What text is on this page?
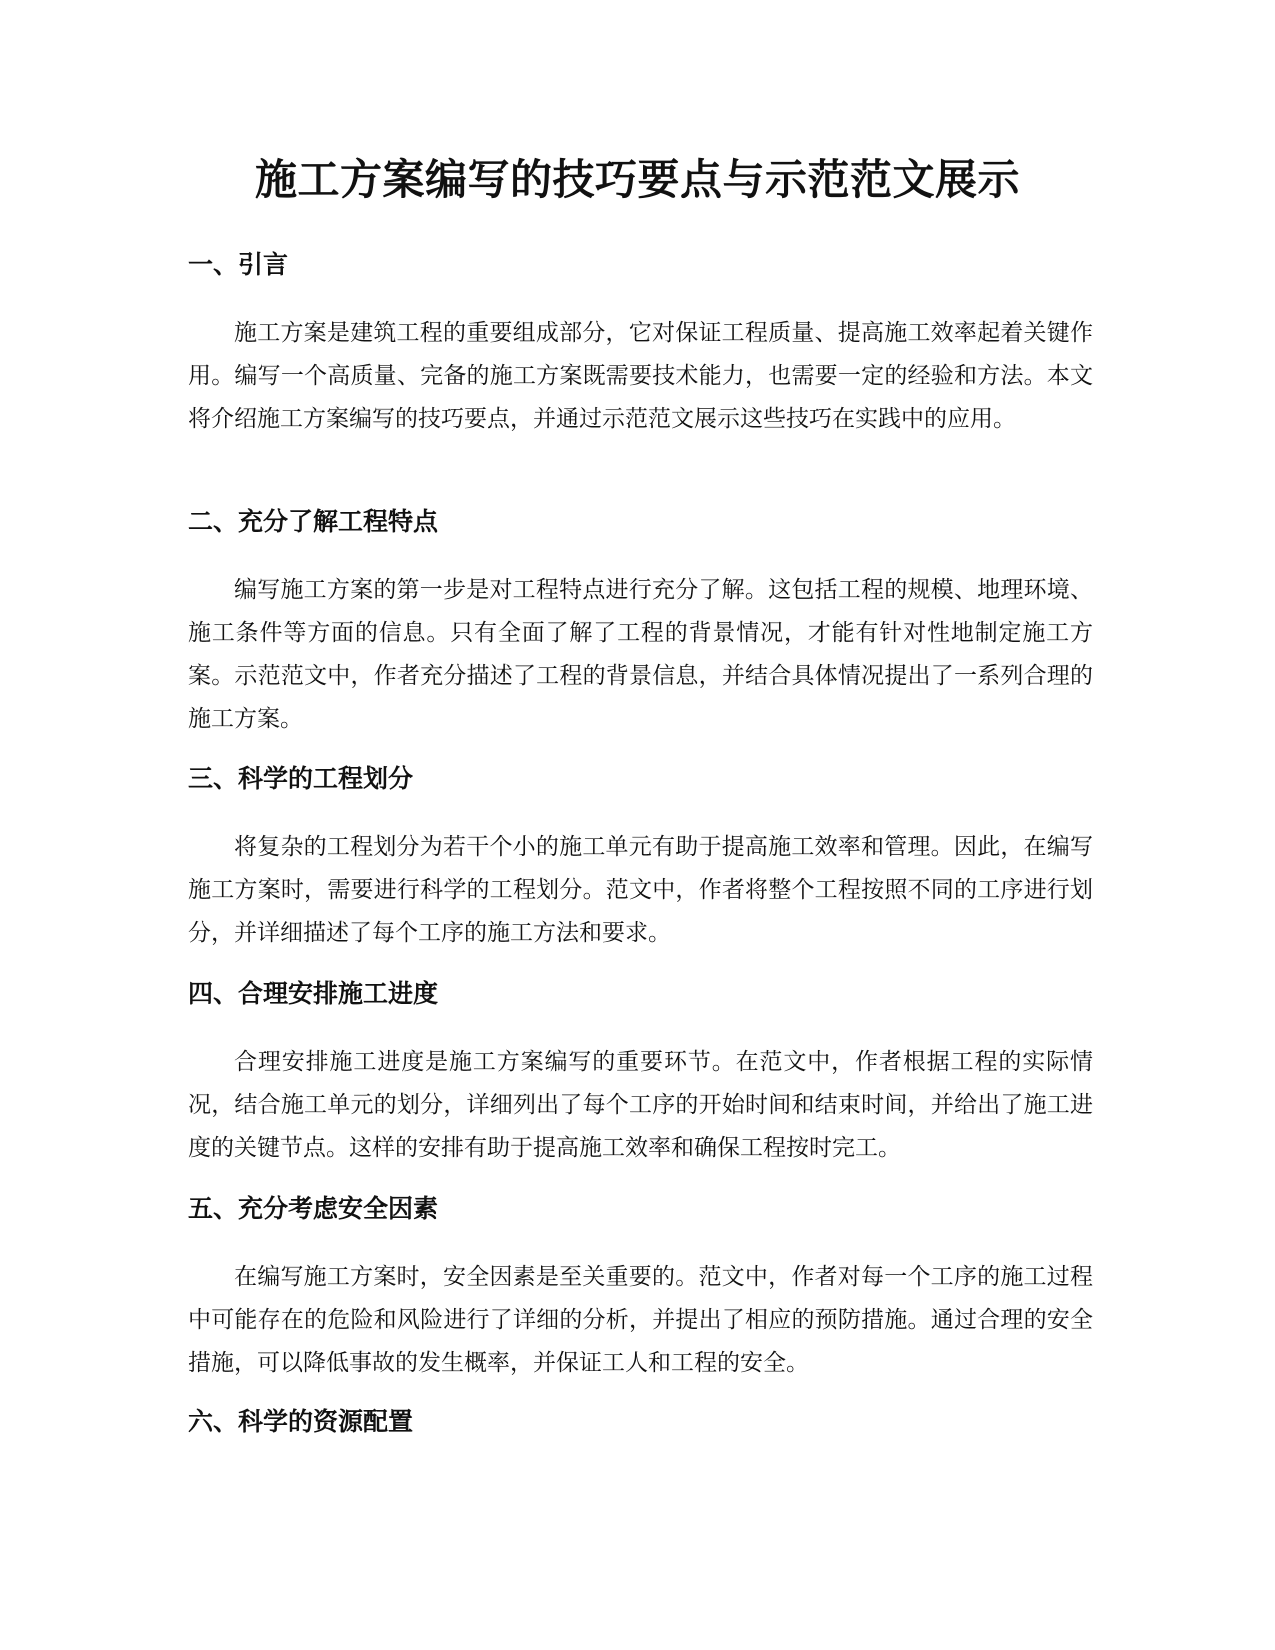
施工方案编写的技巧要点与示范范文展示
一、引言

施工方案是建筑工程的重要组成部分，它对保证工程质量、提高施工效率起着关键作用。编写一个高质量、完备的施工方案既需要技术能力，也需要一定的经验和方法。本文将介绍施工方案编写的技巧要点，并通过示范范文展示这些技巧在实践中的应用。

二、充分了解工程特点

编写施工方案的第一步是对工程特点进行充分了解。这包括工程的规模、地理环境、施工条件等方面的信息。只有全面了解了工程的背景情况，才能有针对性地制定施工方案。示范范文中，作者充分描述了工程的背景信息，并结合具体情况提出了一系列合理的施工方案。

三、科学的工程划分

将复杂的工程划分为若干个小的施工单元有助于提高施工效率和管理。因此，在编写施工方案时，需要进行科学的工程划分。范文中，作者将整个工程按照不同的工序进行划分，并详细描述了每个工序的施工方法和要求。

四、合理安排施工进度

合理安排施工进度是施工方案编写的重要环节。在范文中，作者根据工程的实际情况，结合施工单元的划分，详细列出了每个工序的开始时间和结束时间，并给出了施工进度的关键节点。这样的安排有助于提高施工效率和确保工程按时完工。

五、充分考虑安全因素

在编写施工方案时，安全因素是至关重要的。范文中，作者对每一个工序的施工过程中可能存在的危险和风险进行了详细的分析，并提出了相应的预防措施。通过合理的安全措施，可以降低事故的发生概率，并保证工人和工程的安全。

六、科学的资源配置
